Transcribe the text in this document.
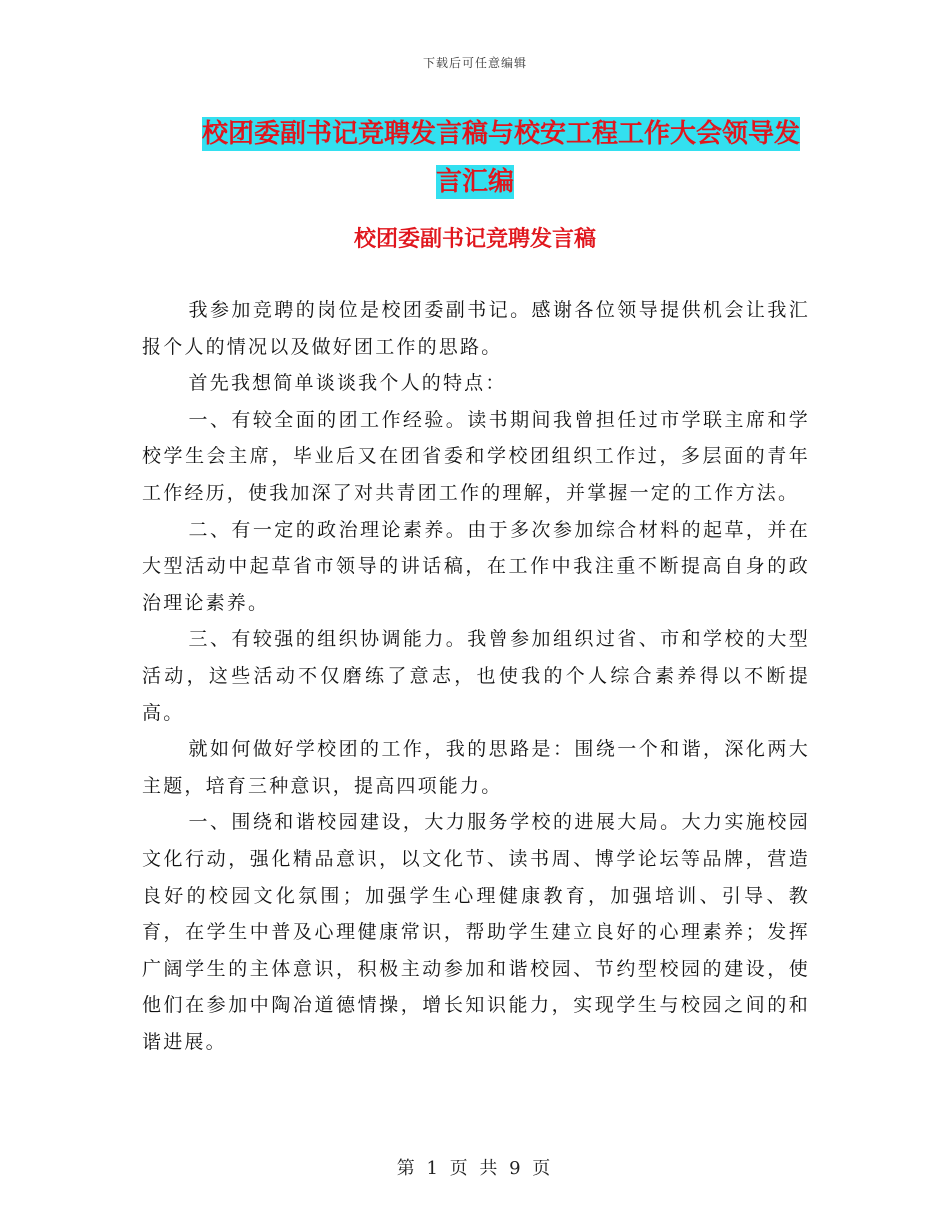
下载后可任意编辑
校团委副书记竞聘发言稿与校安工程工作大会领导发
言汇编
校团委副书记竞聘发言稿

我参加竞聘的岗位是校团委副书记。感谢各位领导提供机会让我汇报个人的情况以及做好团工作的思路。

首先我想简单谈谈我个人的特点：

一、有较全面的团工作经验。读书期间我曾担任过市学联主席和学校学生会主席，毕业后又在团省委和学校团组织工作过，多层面的青年工作经历，使我加深了对共青团工作的理解，并掌握一定的工作方法。

二、有一定的政治理论素养。由于多次参加综合材料的起草，并在大型活动中起草省市领导的讲话稿，在工作中我注重不断提高自身的政治理论素养。

三、有较强的组织协调能力。我曾参加组织过省、市和学校的大型活动，这些活动不仅磨练了意志，也使我的个人综合素养得以不断提高。

就如何做好学校团的工作，我的思路是：围绕一个和谐，深化两大主题，培育三种意识，提高四项能力。

一、围绕和谐校园建设，大力服务学校的进展大局。大力实施校园文化行动，强化精品意识，以文化节、读书周、博学论坛等品牌，营造良好的校园文化氛围；加强学生心理健康教育，加强培训、引导、教育，在学生中普及心理健康常识，帮助学生建立良好的心理素养；发挥广阔学生的主体意识，积极主动参加和谐校园、节约型校园的建设，使他们在参加中陶冶道德情操，增长知识能力，实现学生与校园之间的和谐进展。

第 1 页 共 9 页
